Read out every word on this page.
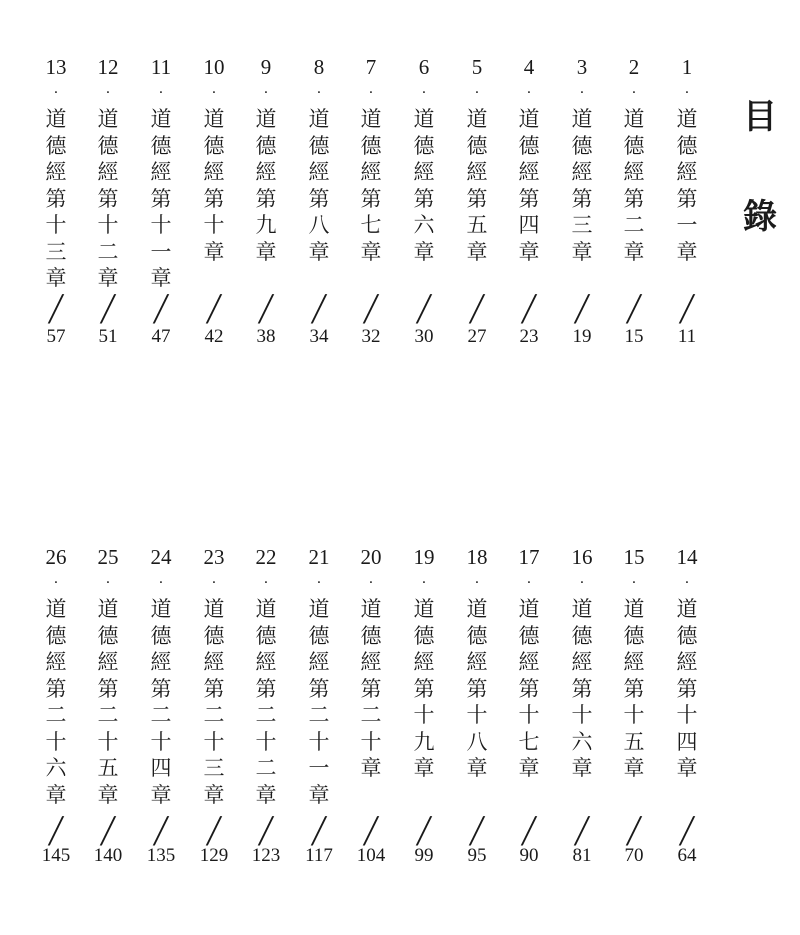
目
錄
1
·
道
德
經
第
一
章
╱
11
2
·
道
德
經
第
二
章
╱
15
3
·
道
德
經
第
三
章
╱
19
4
·
道
德
經
第
四
章
╱
23
5
·
道
德
經
第
五
章
╱
27
6
·
道
德
經
第
六
章
╱
30
7
·
道
德
經
第
七
章
╱
32
8
·
道
德
經
第
八
章
╱
34
9
·
道
德
經
第
九
章
╱
38
10
·
道
德
經
第
十
章
╱
42
11
·
道
德
經
第
十
一
章
╱
47
12
·
道
德
經
第
十
二
章
╱
51
13
·
道
德
經
第
十
三
章
╱
57
14
·
道
德
經
第
十
四
章
╱
64
15
·
道
德
經
第
十
五
章
╱
70
16
·
道
德
經
第
十
六
章
╱
81
17
·
道
德
經
第
十
七
章
╱
90
18
·
道
德
經
第
十
八
章
╱
95
19
·
道
德
經
第
十
九
章
╱
99
20
·
道
德
經
第
二
十
章
╱
104
21
·
道
德
經
第
二
十
一
章
╱
117
22
·
道
德
經
第
二
十
二
章
╱
123
23
·
道
德
經
第
二
十
三
章
╱
129
24
·
道
德
經
第
二
十
四
章
╱
135
25
·
道
德
經
第
二
十
五
章
╱
140
26
·
道
德
經
第
二
十
六
章
╱
145
